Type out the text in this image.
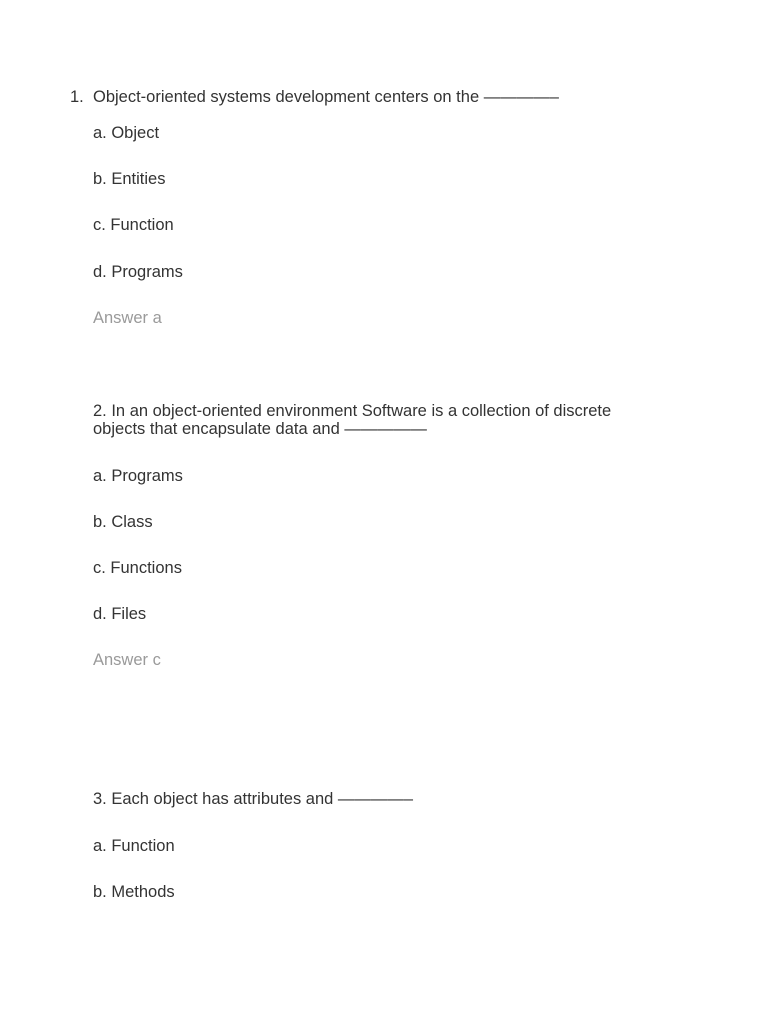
1. Object-oriented systems development centers on the ————–
a. Object
b. Entities
c. Function
d. Programs
Answer a
2. In an object-oriented environment Software is a collection of discrete
objects that encapsulate data and —————
a. Programs
b. Class
c. Functions
d. Files
Answer c
3. Each object has attributes and ————–
a. Function
b. Methods
